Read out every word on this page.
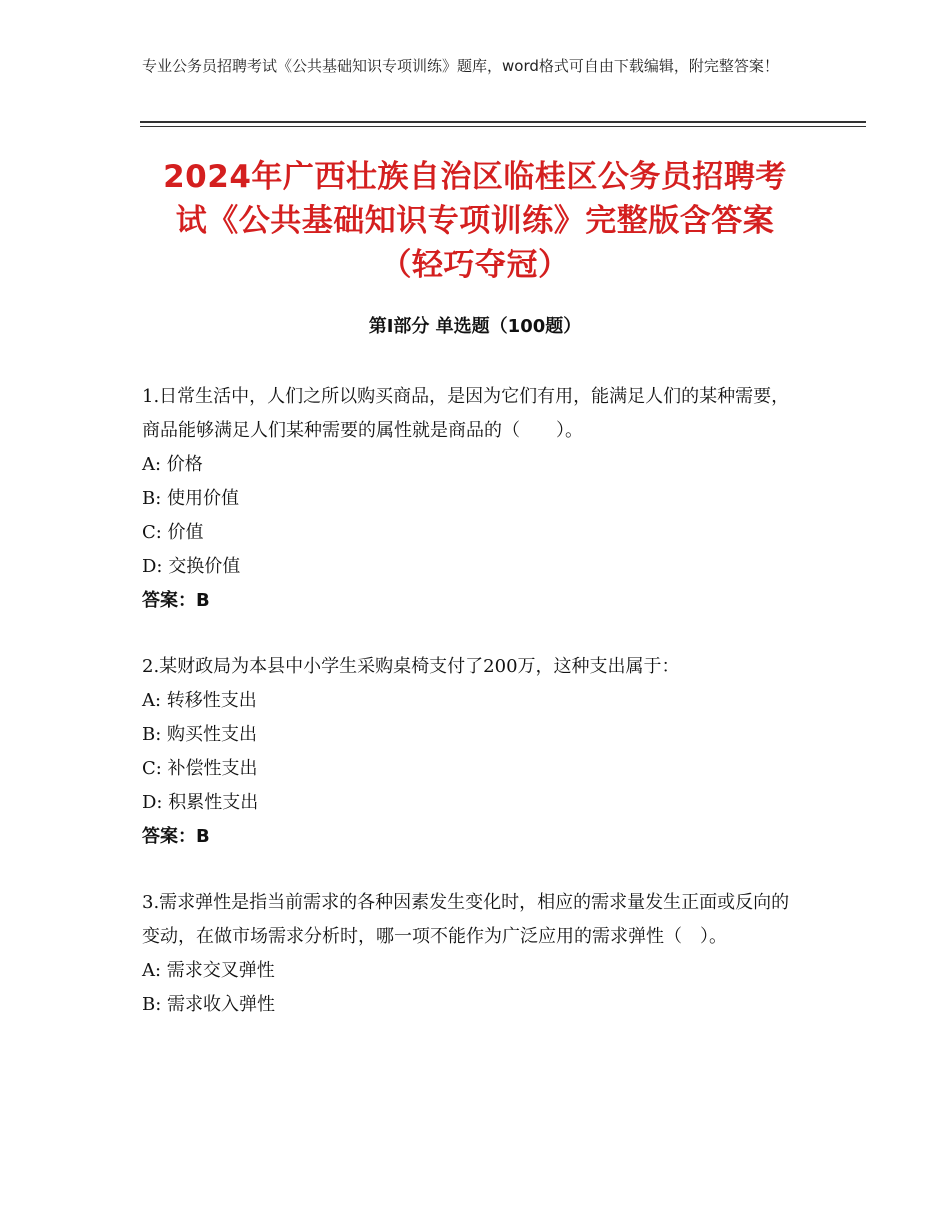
专业公务员招聘考试《公共基础知识专项训练》题库，word格式可自由下载编辑，附完整答案！
2024年广西壮族自治区临桂区公务员招聘考
试《公共基础知识专项训练》完整版含答案
（轻巧夺冠）
第Ⅰ部分 单选题（100题）
1.日常生活中，人们之所以购买商品，是因为它们有用，能满足人们的某种需要，商品能够满足人们某种需要的属性就是商品的（　　）。
A: 价格
B: 使用价值
C: 价值
D: 交换价值
答案：B
2.某财政局为本县中小学生采购桌椅支付了200万，这种支出属于：
A: 转移性支出
B: 购买性支出
C: 补偿性支出
D: 积累性支出
答案：B
3.需求弹性是指当前需求的各种因素发生变化时，相应的需求量发生正面或反向的变动，在做市场需求分析时，哪一项不能作为广泛应用的需求弹性（　）。
A: 需求交叉弹性
B: 需求收入弹性
